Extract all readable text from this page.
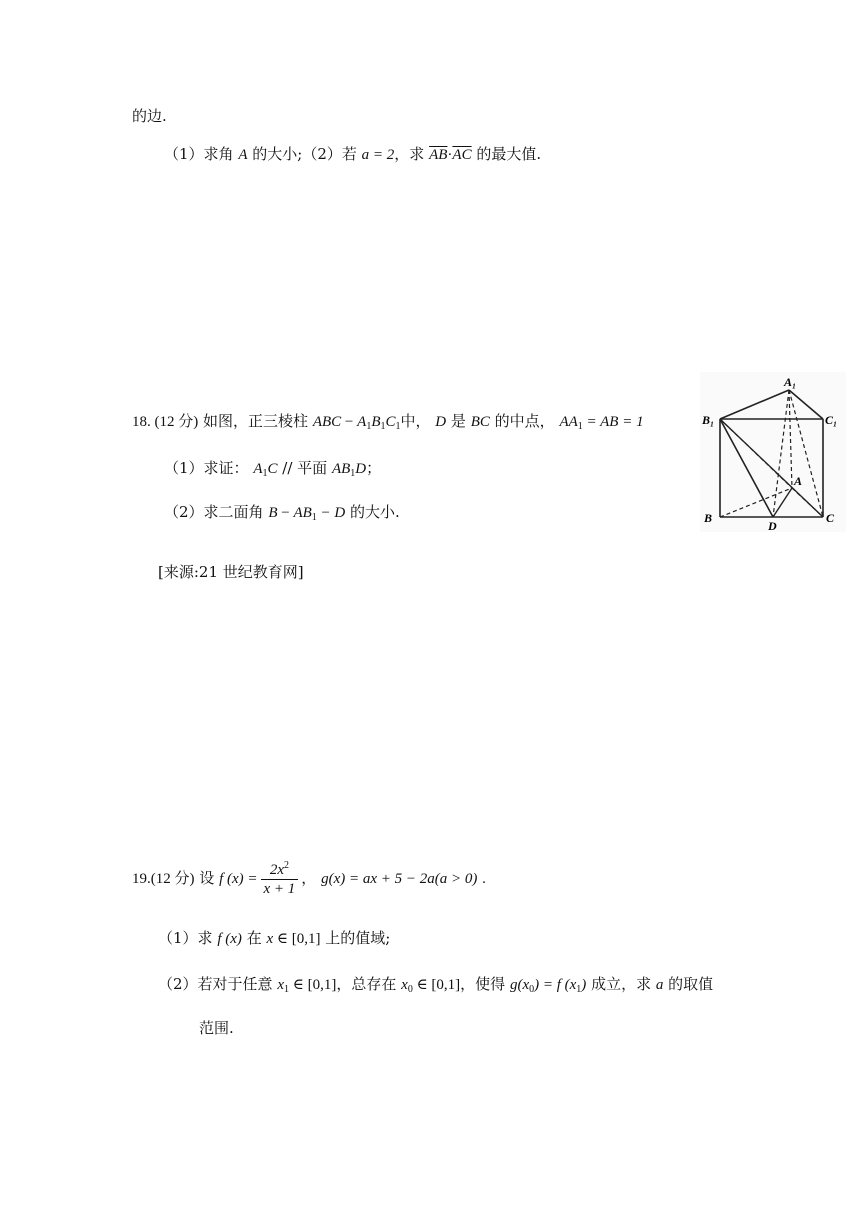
的边.
（1）求角 A 的大小;（2）若 a = 2，求 $\overline{AB}\cdot\overline{AC}$ 的最大值.
18. (12 分) 如图，正三棱柱 ABC − $A_1B_1C_1$中， D 是 BC 的中点， $AA_1$ = AB = 1
（1）求证： $A_1C$ // 平面 $AB_1D$；
（2）求二面角 $B - AB_1 - D$ 的大小.
[来源:21 世纪教育网]
A₁
B₁	C₁
A
B
D
C
19.(12 分) 设 f $(x) = \frac{2x^2}{x + 1}$ ， g(x) = ax + 5 − 2a(a > 0) .
（1）求 f (x) 在 x ∈ [0,1] 上的值域;
（2）若对于任意 $x_1$ ∈ [0,1]，总存在 $x_0$ ∈ [0,1]，使得 $g(x_0) = f$ $(x_1)$ 成立，求 a 的取值
范围.
